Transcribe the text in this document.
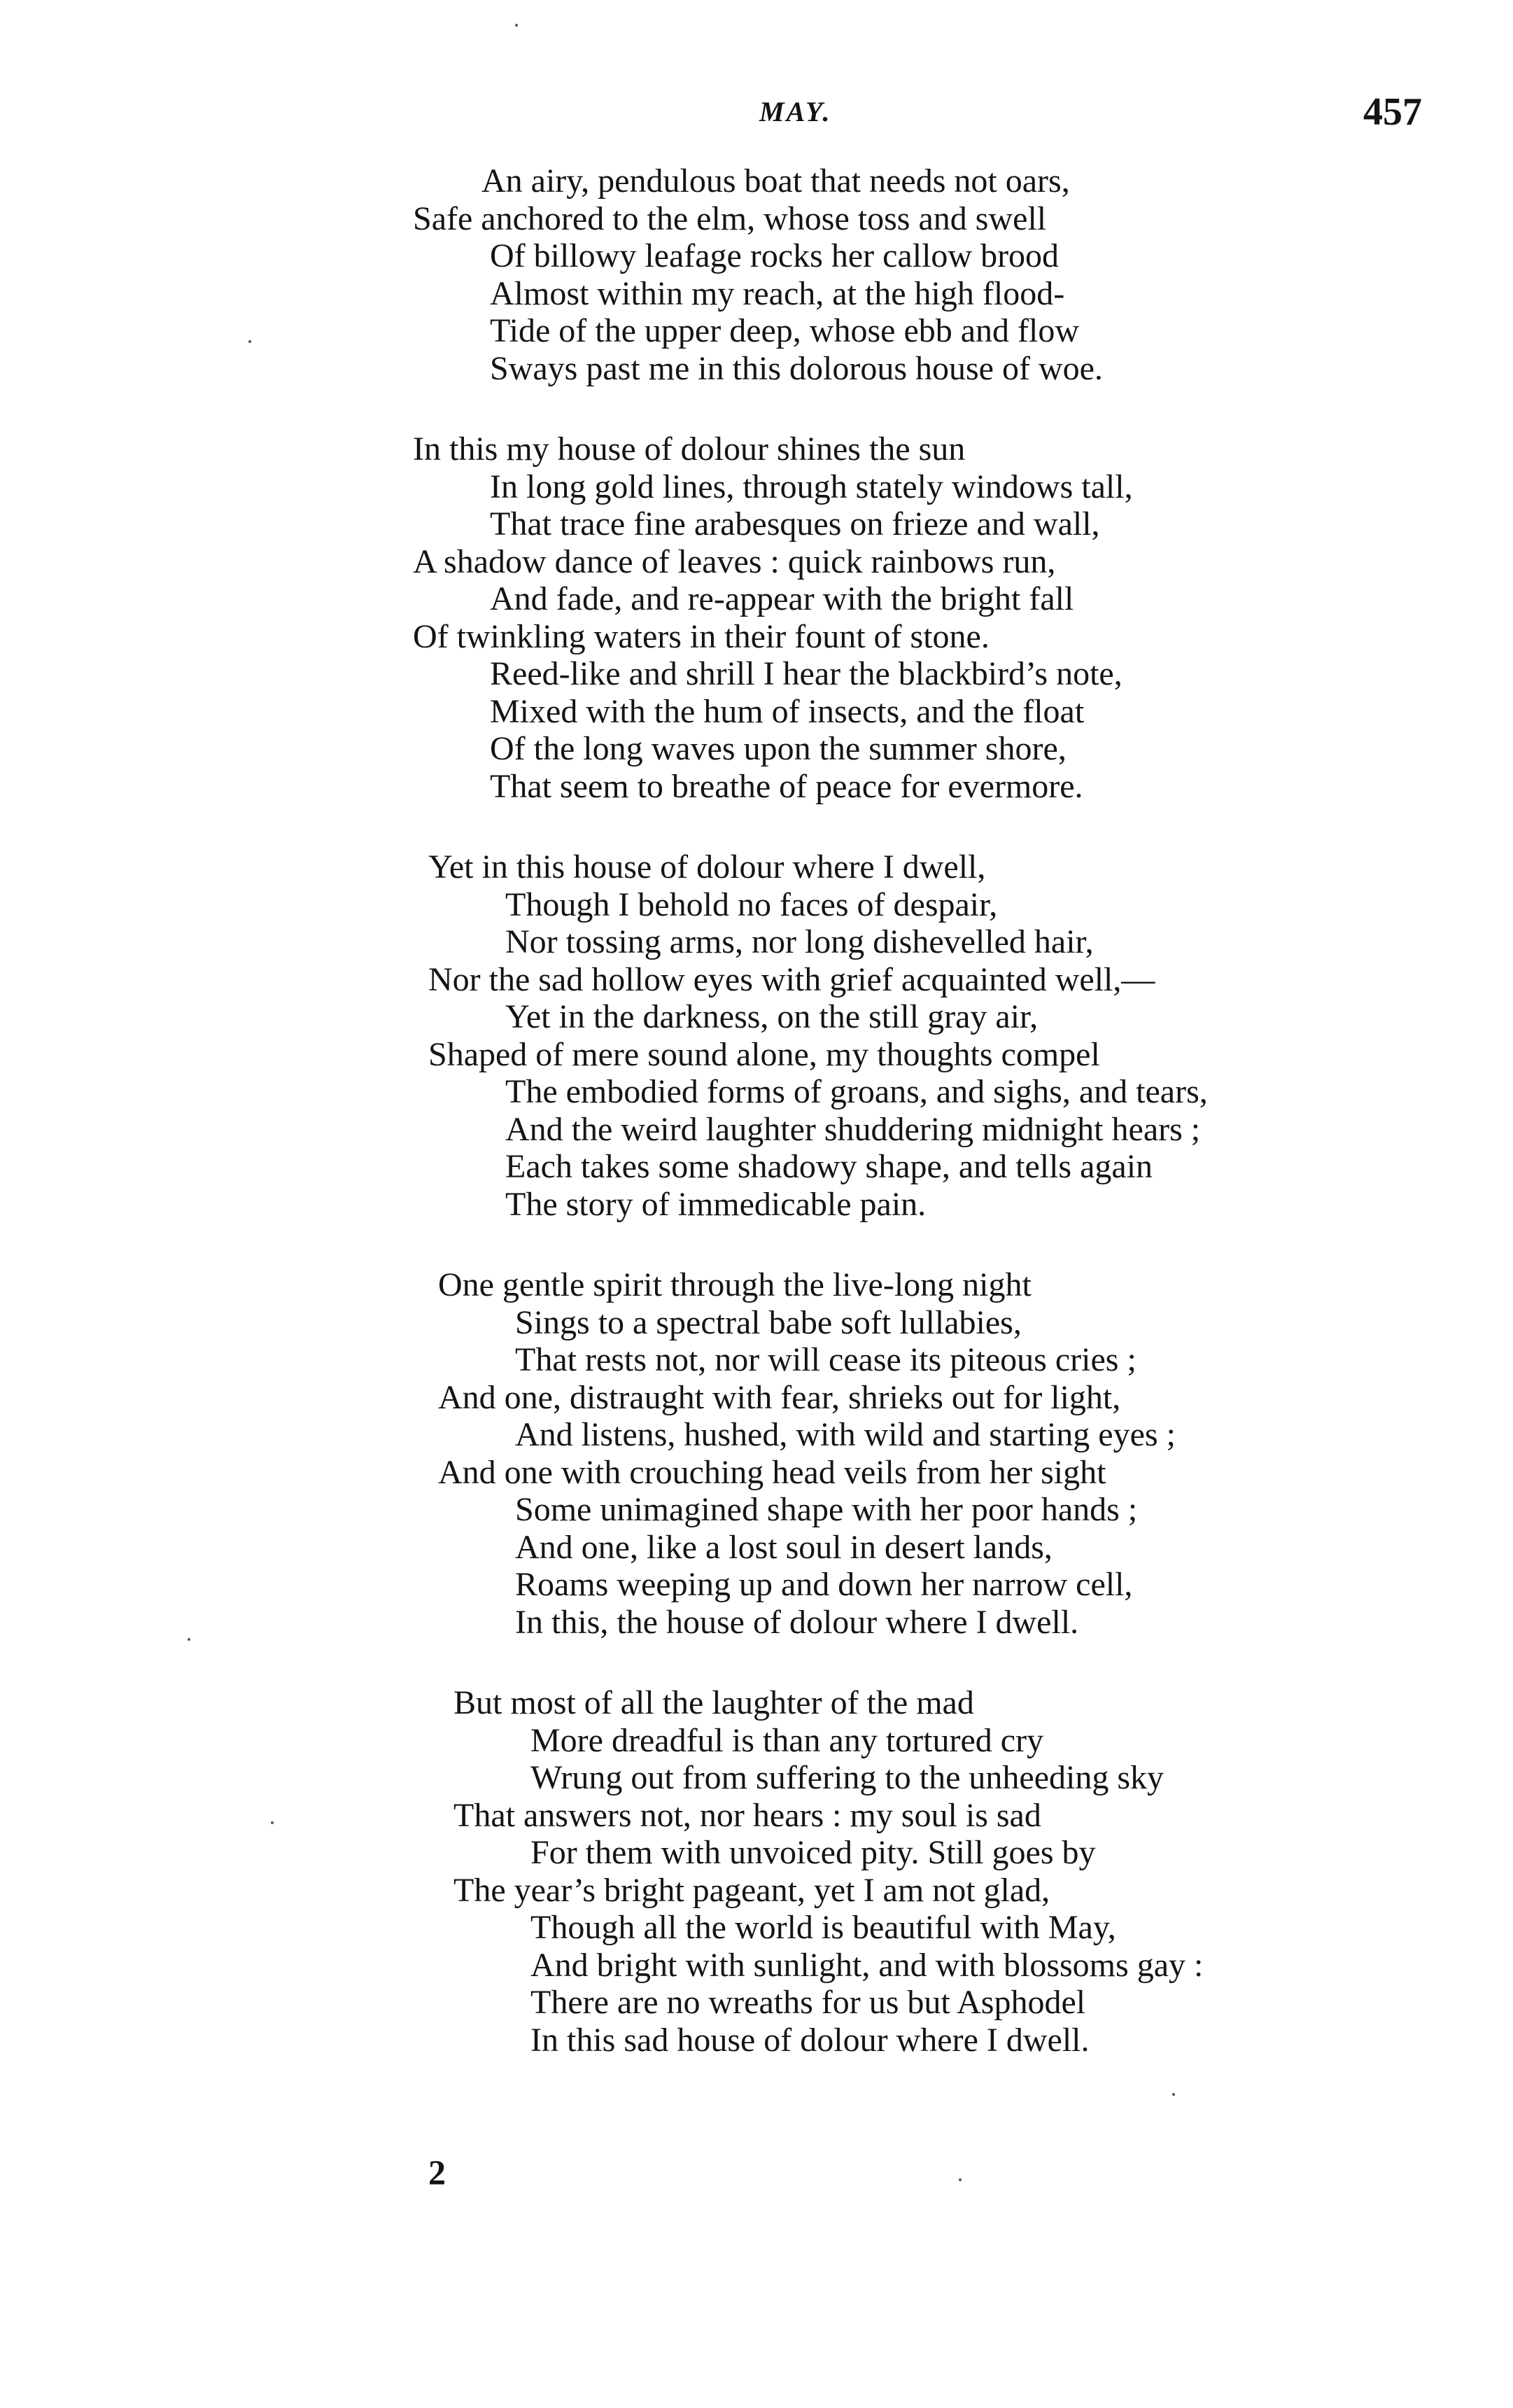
MAY.	457
An airy, pendulous boat that needs not oars,
Safe anchored to the elm, whose toss and swell
Of billowy leafage rocks her callow brood
Almost within my reach, at the high flood-
Tide of the upper deep, whose ebb and flow
Sways past me in this dolorous house of woe.
In this my house of dolour shines the sun
In long gold lines, through stately windows tall,
That trace fine arabesques on frieze and wall,
A shadow dance of leaves : quick rainbows run,
And fade, and re-appear with the bright fall
Of twinkling waters in their fount of stone.
Reed-like and shrill I hear the blackbird’s note,
Mixed with the hum of insects, and the float
Of the long waves upon the summer shore,
That seem to breathe of peace for evermore.
Yet in this house of dolour where I dwell,
Though I behold no faces of despair,
Nor tossing arms, nor long dishevelled hair,
Nor the sad hollow eyes with grief acquainted well,—
Yet in the darkness, on the still gray air,
Shaped of mere sound alone, my thoughts compel
The embodied forms of groans, and sighs, and tears,
And the weird laughter shuddering midnight hears ;
Each takes some shadowy shape, and tells again
The story of immedicable pain.
One gentle spirit through the live-long night
Sings to a spectral babe soft lullabies,
That rests not, nor will cease its piteous cries ;
And one, distraught with fear, shrieks out for light,
And listens, hushed, with wild and starting eyes ;
And one with crouching head veils from her sight
Some unimagined shape with her poor hands ;
And one, like a lost soul in desert lands,
Roams weeping up and down her narrow cell,
In this, the house of dolour where I dwell.
But most of all the laughter of the mad
More dreadful is than any tortured cry
Wrung out from suffering to the unheeding sky
That answers not, nor hears : my soul is sad
For them with unvoiced pity. Still goes by
The year’s bright pageant, yet I am not glad,
Though all the world is beautiful with May,
And bright with sunlight, and with blossoms gay :
There are no wreaths for us but Asphodel
In this sad house of dolour where I dwell.
2
